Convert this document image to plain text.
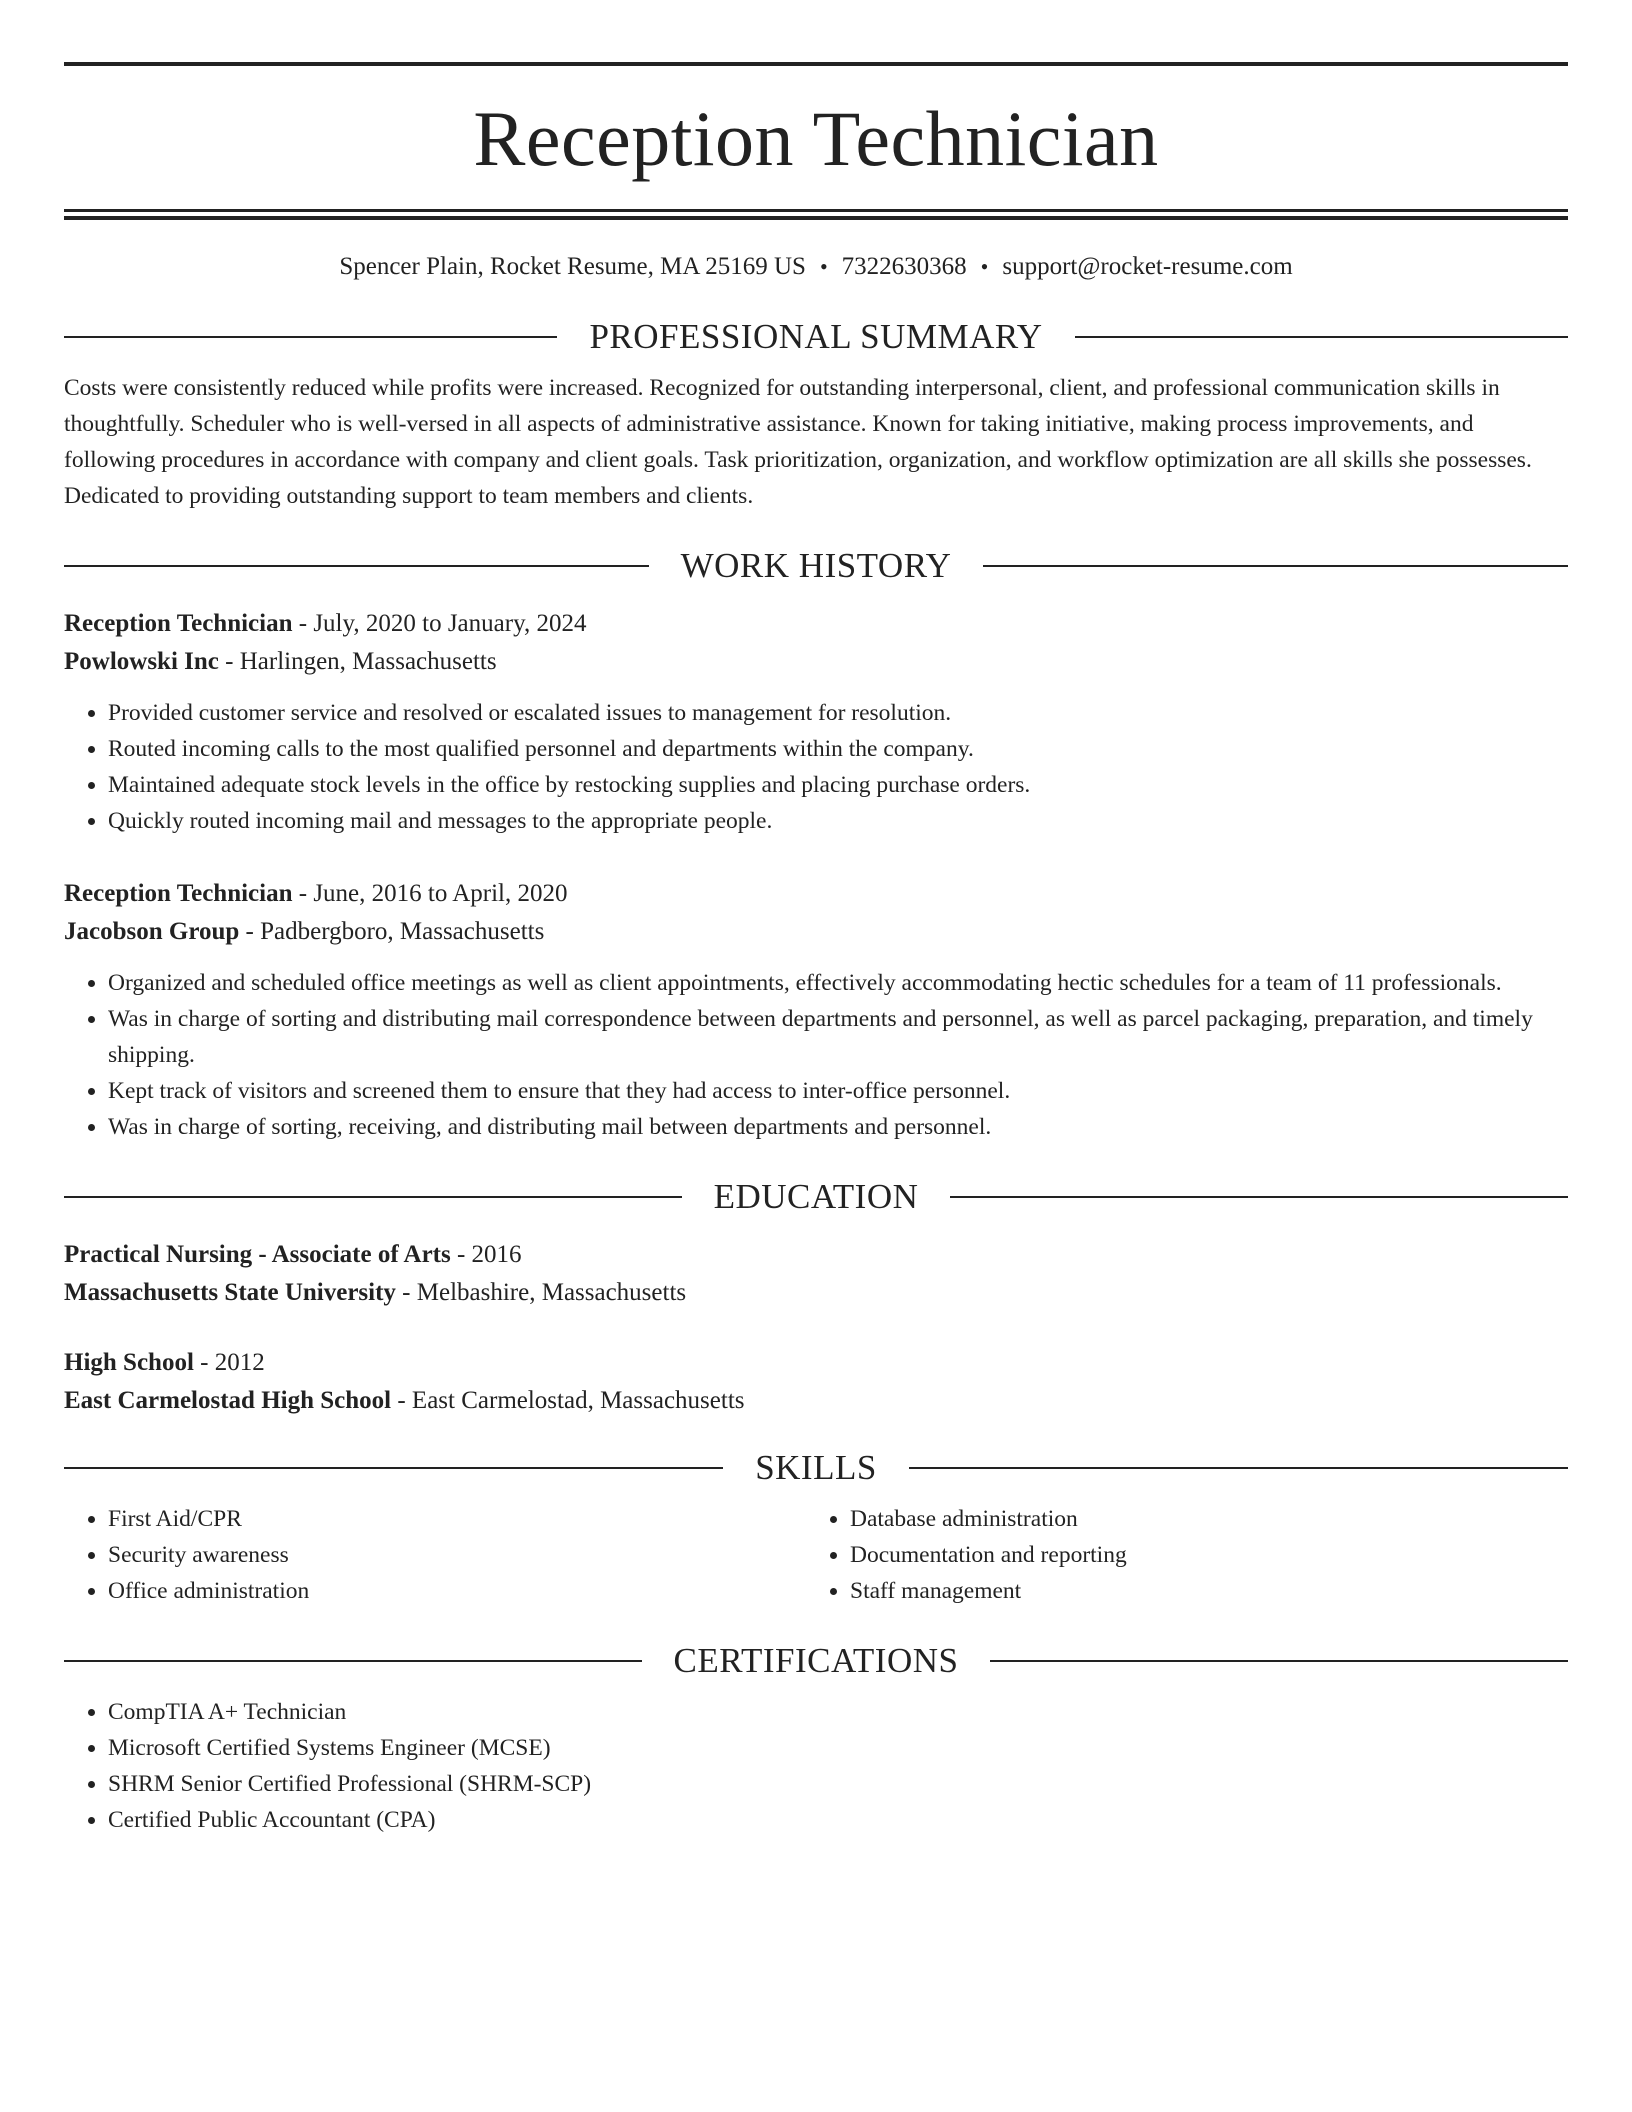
Reception Technician
Spencer Plain, Rocket Resume, MA 25169 US • 7322630368 • support@rocket-resume.com
PROFESSIONAL SUMMARY
Costs were consistently reduced while profits were increased. Recognized for outstanding interpersonal, client, and professional communication skills in thoughtfully. Scheduler who is well-versed in all aspects of administrative assistance. Known for taking initiative, making process improvements, and following procedures in accordance with company and client goals. Task prioritization, organization, and workflow optimization are all skills she possesses. Dedicated to providing outstanding support to team members and clients.
WORK HISTORY
Reception Technician - July, 2020 to January, 2024
Powlowski Inc - Harlingen, Massachusetts
• Provided customer service and resolved or escalated issues to management for resolution.
• Routed incoming calls to the most qualified personnel and departments within the company.
• Maintained adequate stock levels in the office by restocking supplies and placing purchase orders.
• Quickly routed incoming mail and messages to the appropriate people.
Reception Technician - June, 2016 to April, 2020
Jacobson Group - Padbergboro, Massachusetts
• Organized and scheduled office meetings as well as client appointments, effectively accommodating hectic schedules for a team of 11 professionals.
• Was in charge of sorting and distributing mail correspondence between departments and personnel, as well as parcel packaging, preparation, and timely shipping.
• Kept track of visitors and screened them to ensure that they had access to inter-office personnel.
• Was in charge of sorting, receiving, and distributing mail between departments and personnel.
EDUCATION
Practical Nursing - Associate of Arts - 2016
Massachusetts State University - Melbashire, Massachusetts
High School - 2012
East Carmelostad High School - East Carmelostad, Massachusetts
SKILLS
• First Aid/CPR
• Security awareness
• Office administration
• Database administration
• Documentation and reporting
• Staff management
CERTIFICATIONS
• CompTIA A+ Technician
• Microsoft Certified Systems Engineer (MCSE)
• SHRM Senior Certified Professional (SHRM-SCP)
• Certified Public Accountant (CPA)
